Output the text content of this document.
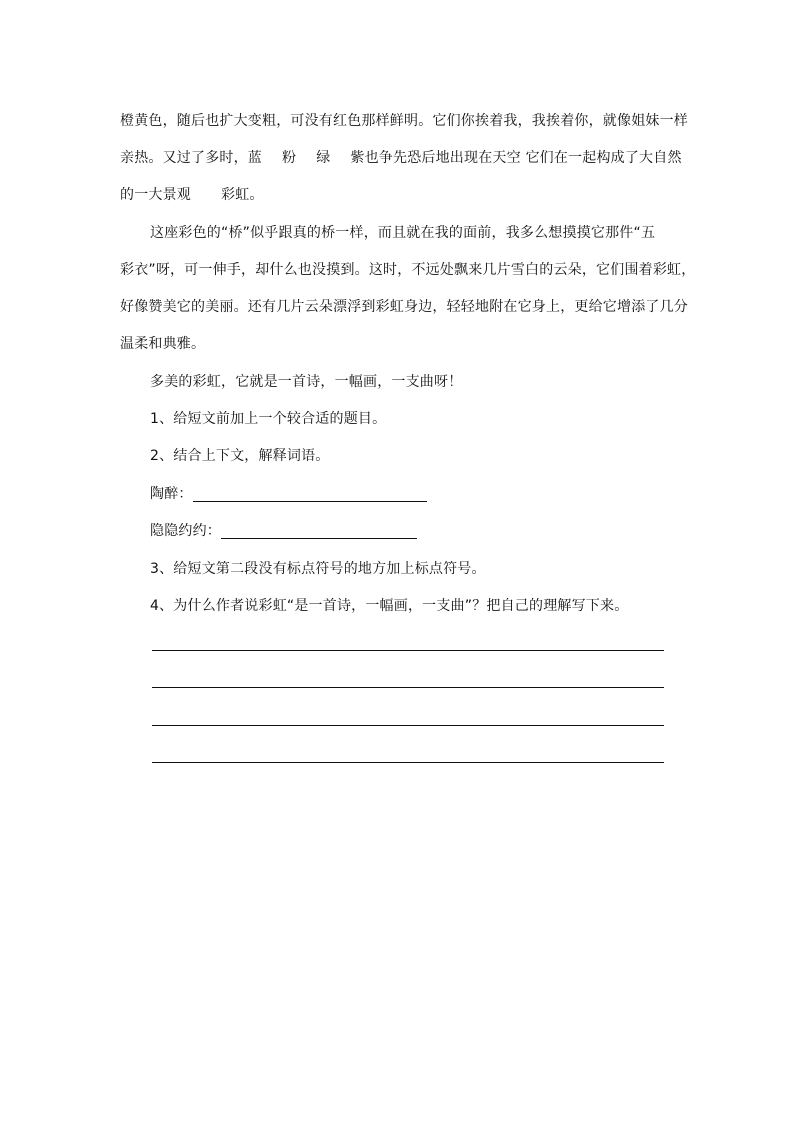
橙黄色，随后也扩大变粗，可没有红色那样鲜明。它们你挨着我，我挨着你，就像姐妹一样
亲热。又过了多时，蓝 粉 绿 紫也争先恐后地出现在天空 它们在一起构成了大自然
的一大景观 彩虹。
这座彩色的“桥”似乎跟真的桥一样，而且就在我的面前，我多么想摸摸它那件“五
彩衣”呀，可一伸手，却什么也没摸到。这时，不远处飘来几片雪白的云朵，它们围着彩虹，
好像赞美它的美丽。还有几片云朵漂浮到彩虹身边，轻轻地附在它身上，更给它增添了几分
温柔和典雅。
多美的彩虹，它就是一首诗，一幅画，一支曲呀！
1、给短文前加上一个较合适的题目。
2、结合上下文，解释词语。
陶醉：
隐隐约约：
3、给短文第二段没有标点符号的地方加上标点符号。
4、为什么作者说彩虹“是一首诗，一幅画，一支曲”？把自己的理解写下来。
